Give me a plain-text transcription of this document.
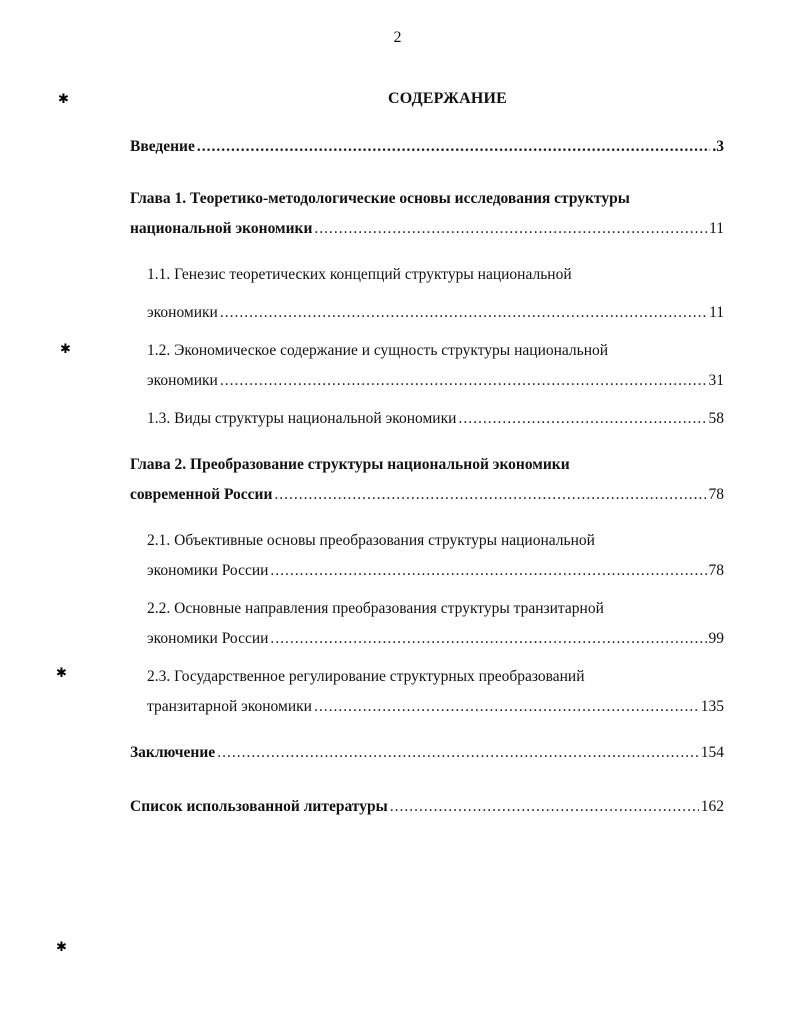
2
СОДЕРЖАНИЕ
Введение .....	.3
Глава 1. Теоретико-методологические основы исследования структуры
национальной экономики .....	11
1.1. Генезис теоретических концепций структуры национальной
экономики .....	11
1.2. Экономическое содержание и сущность структуры национальной
экономики .....	31
1.3. Виды структуры национальной экономики .....	58
Глава 2. Преобразование структуры национальной экономики
современной России .....	78
2.1. Объективные основы преобразования структуры национальной
экономики России .....	78
2.2. Основные направления преобразования структуры транзитарной
экономики России .....	99
2.3. Государственное регулирование структурных преобразований
транзитарной экономики .....	135
Заключение .....	154
Список использованной литературы .....	162
✱
✱
✱
✱
